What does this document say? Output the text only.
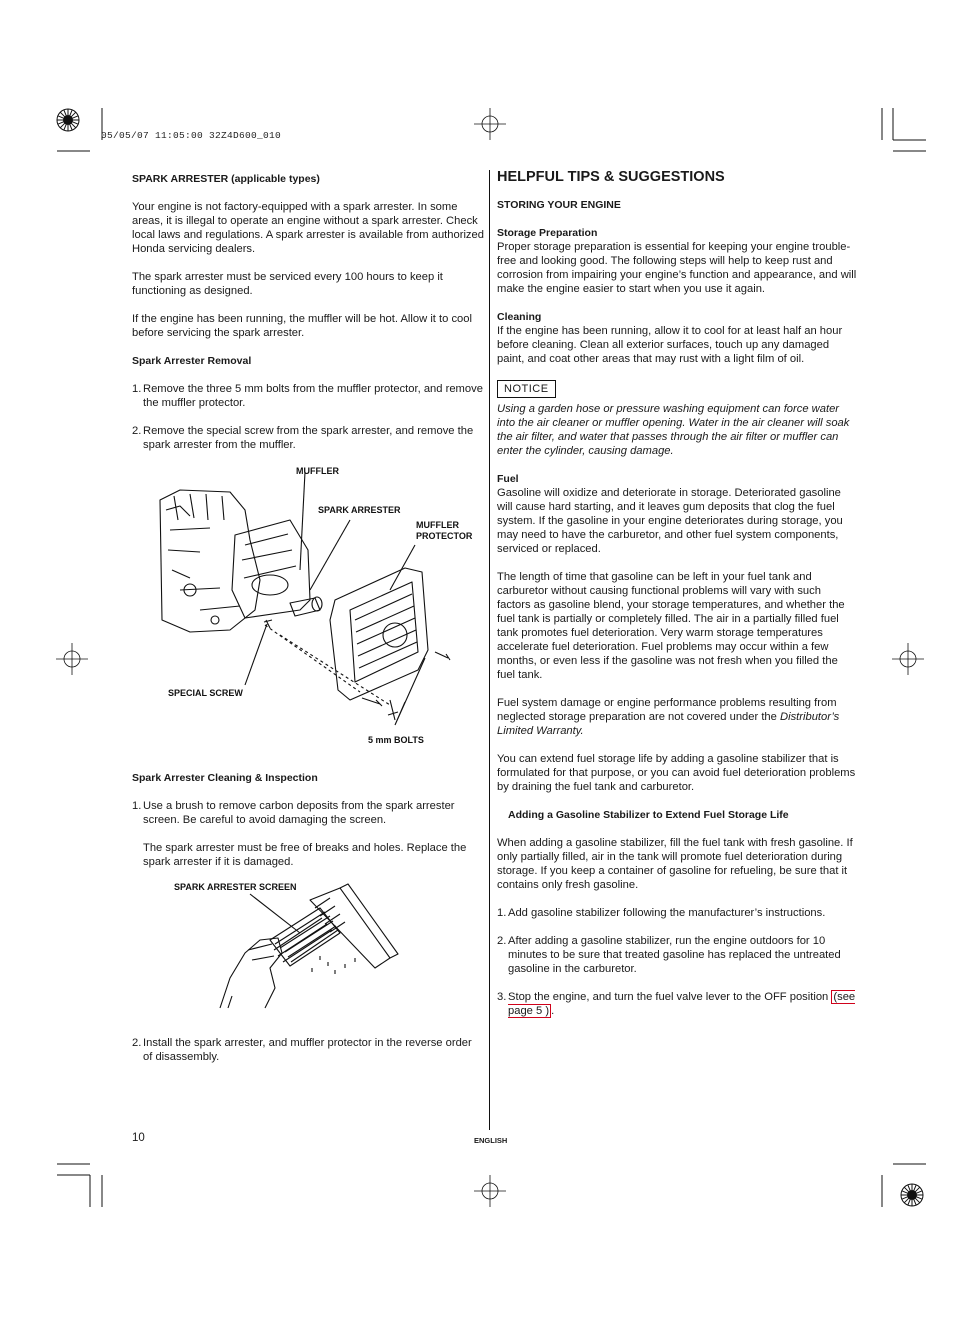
05/05/07 11:05:00 32Z4D600_010
SPARK ARRESTER (applicable types)

Your engine is not factory-equipped with a spark arrester. In some areas, it is illegal to operate an engine without a spark arrester. Check local laws and regulations. A spark arrester is available from authorized Honda servicing dealers.

The spark arrester must be serviced every 100 hours to keep it functioning as designed.

If the engine has been running, the muffler will be hot. Allow it to cool before servicing the spark arrester.

Spark Arrester Removal
1. Remove the three 5 mm bolts from the muffler protector, and remove the muffler protector.
2. Remove the special screw from the spark arrester, and remove the spark arrester from the muffler.
MUFFLER
SPARK ARRESTER
MUFFLER
PROTECTOR
SPECIAL SCREW
5 mm BOLTS
Spark Arrester Cleaning & Inspection
1. Use a brush to remove carbon deposits from the spark arrester screen. Be careful to avoid damaging the screen.
The spark arrester must be free of breaks and holes. Replace the spark arrester if it is damaged.
SPARK ARRESTER SCREEN
2. Install the spark arrester, and muffler protector in the reverse order of disassembly.
HELPFUL TIPS & SUGGESTIONS
STORING YOUR ENGINE
Storage Preparation

Proper storage preparation is essential for keeping your engine trouble-free and looking good. The following steps will help to keep rust and corrosion from impairing your engine’s function and appearance, and will make the engine easier to start when you use it again.

Cleaning

If the engine has been running, allow it to cool for at least half an hour before cleaning. Clean all exterior surfaces, touch up any damaged paint, and coat other areas that may rust with a light film of oil.

NOTICE

Using a garden hose or pressure washing equipment can force water into the air cleaner or muffler opening. Water in the air cleaner will soak the air filter, and water that passes through the air filter or muffler can enter the cylinder, causing damage.

Fuel

Gasoline will oxidize and deteriorate in storage. Deteriorated gasoline will cause hard starting, and it leaves gum deposits that clog the fuel system. If the gasoline in your engine deteriorates during storage, you may need to have the carburetor, and other fuel system components, serviced or replaced.

The length of time that gasoline can be left in your fuel tank and carburetor without causing functional problems will vary with such factors as gasoline blend, your storage temperatures, and whether the fuel tank is partially or completely filled. The air in a partially filled fuel tank promotes fuel deterioration. Very warm storage temperatures accelerate fuel deterioration. Fuel problems may occur within a few months, or even less if the gasoline was not fresh when you filled the fuel tank.

Fuel system damage or engine performance problems resulting from neglected storage preparation are not covered under the Distributor’s Limited Warranty.

You can extend fuel storage life by adding a gasoline stabilizer that is formulated for that purpose, or you can avoid fuel deterioration problems by draining the fuel tank and carburetor.

Adding a Gasoline Stabilizer to Extend Fuel Storage Life

When adding a gasoline stabilizer, fill the fuel tank with fresh gasoline. If only partially filled, air in the tank will promote fuel deterioration during storage. If you keep a container of gasoline for refueling, be sure that it contains only fresh gasoline.

1. Add gasoline stabilizer following the manufacturer’s instructions.
2. After adding a gasoline stabilizer, run the engine outdoors for 10 minutes to be sure that treated gasoline has replaced the untreated gasoline in the carburetor.
3. Stop the engine, and turn the fuel valve lever to the OFF position (see page 5 ) .
10	ENGLISH
